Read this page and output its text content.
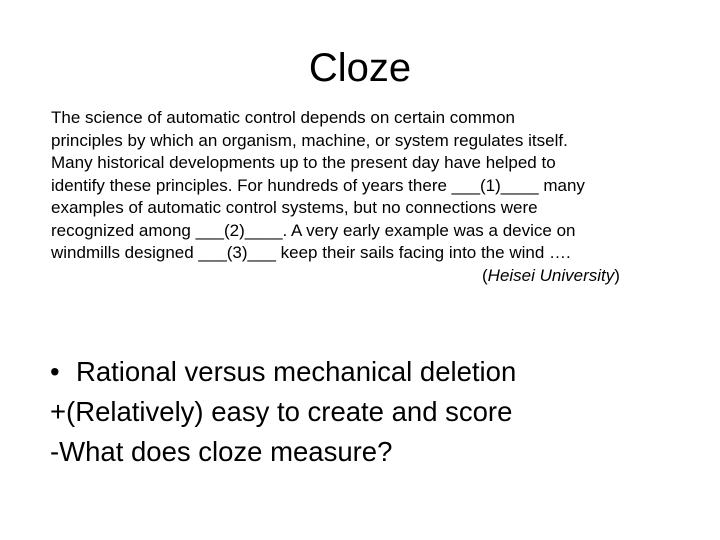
Cloze
The science of automatic control depends on certain common
principles by which an organism, machine, or system regulates itself.
Many historical developments up to the present day have helped to
identify these principles. For hundreds of years there ___(1)____ many
examples of automatic control systems, but no connections were
recognized among ___(2)____. A very early example was a device on
windmills designed ___(3)___ keep their sails facing into the wind ….
(Heisei University)
• Rational versus mechanical deletion
+(Relatively) easy to create and score
-What does cloze measure?
